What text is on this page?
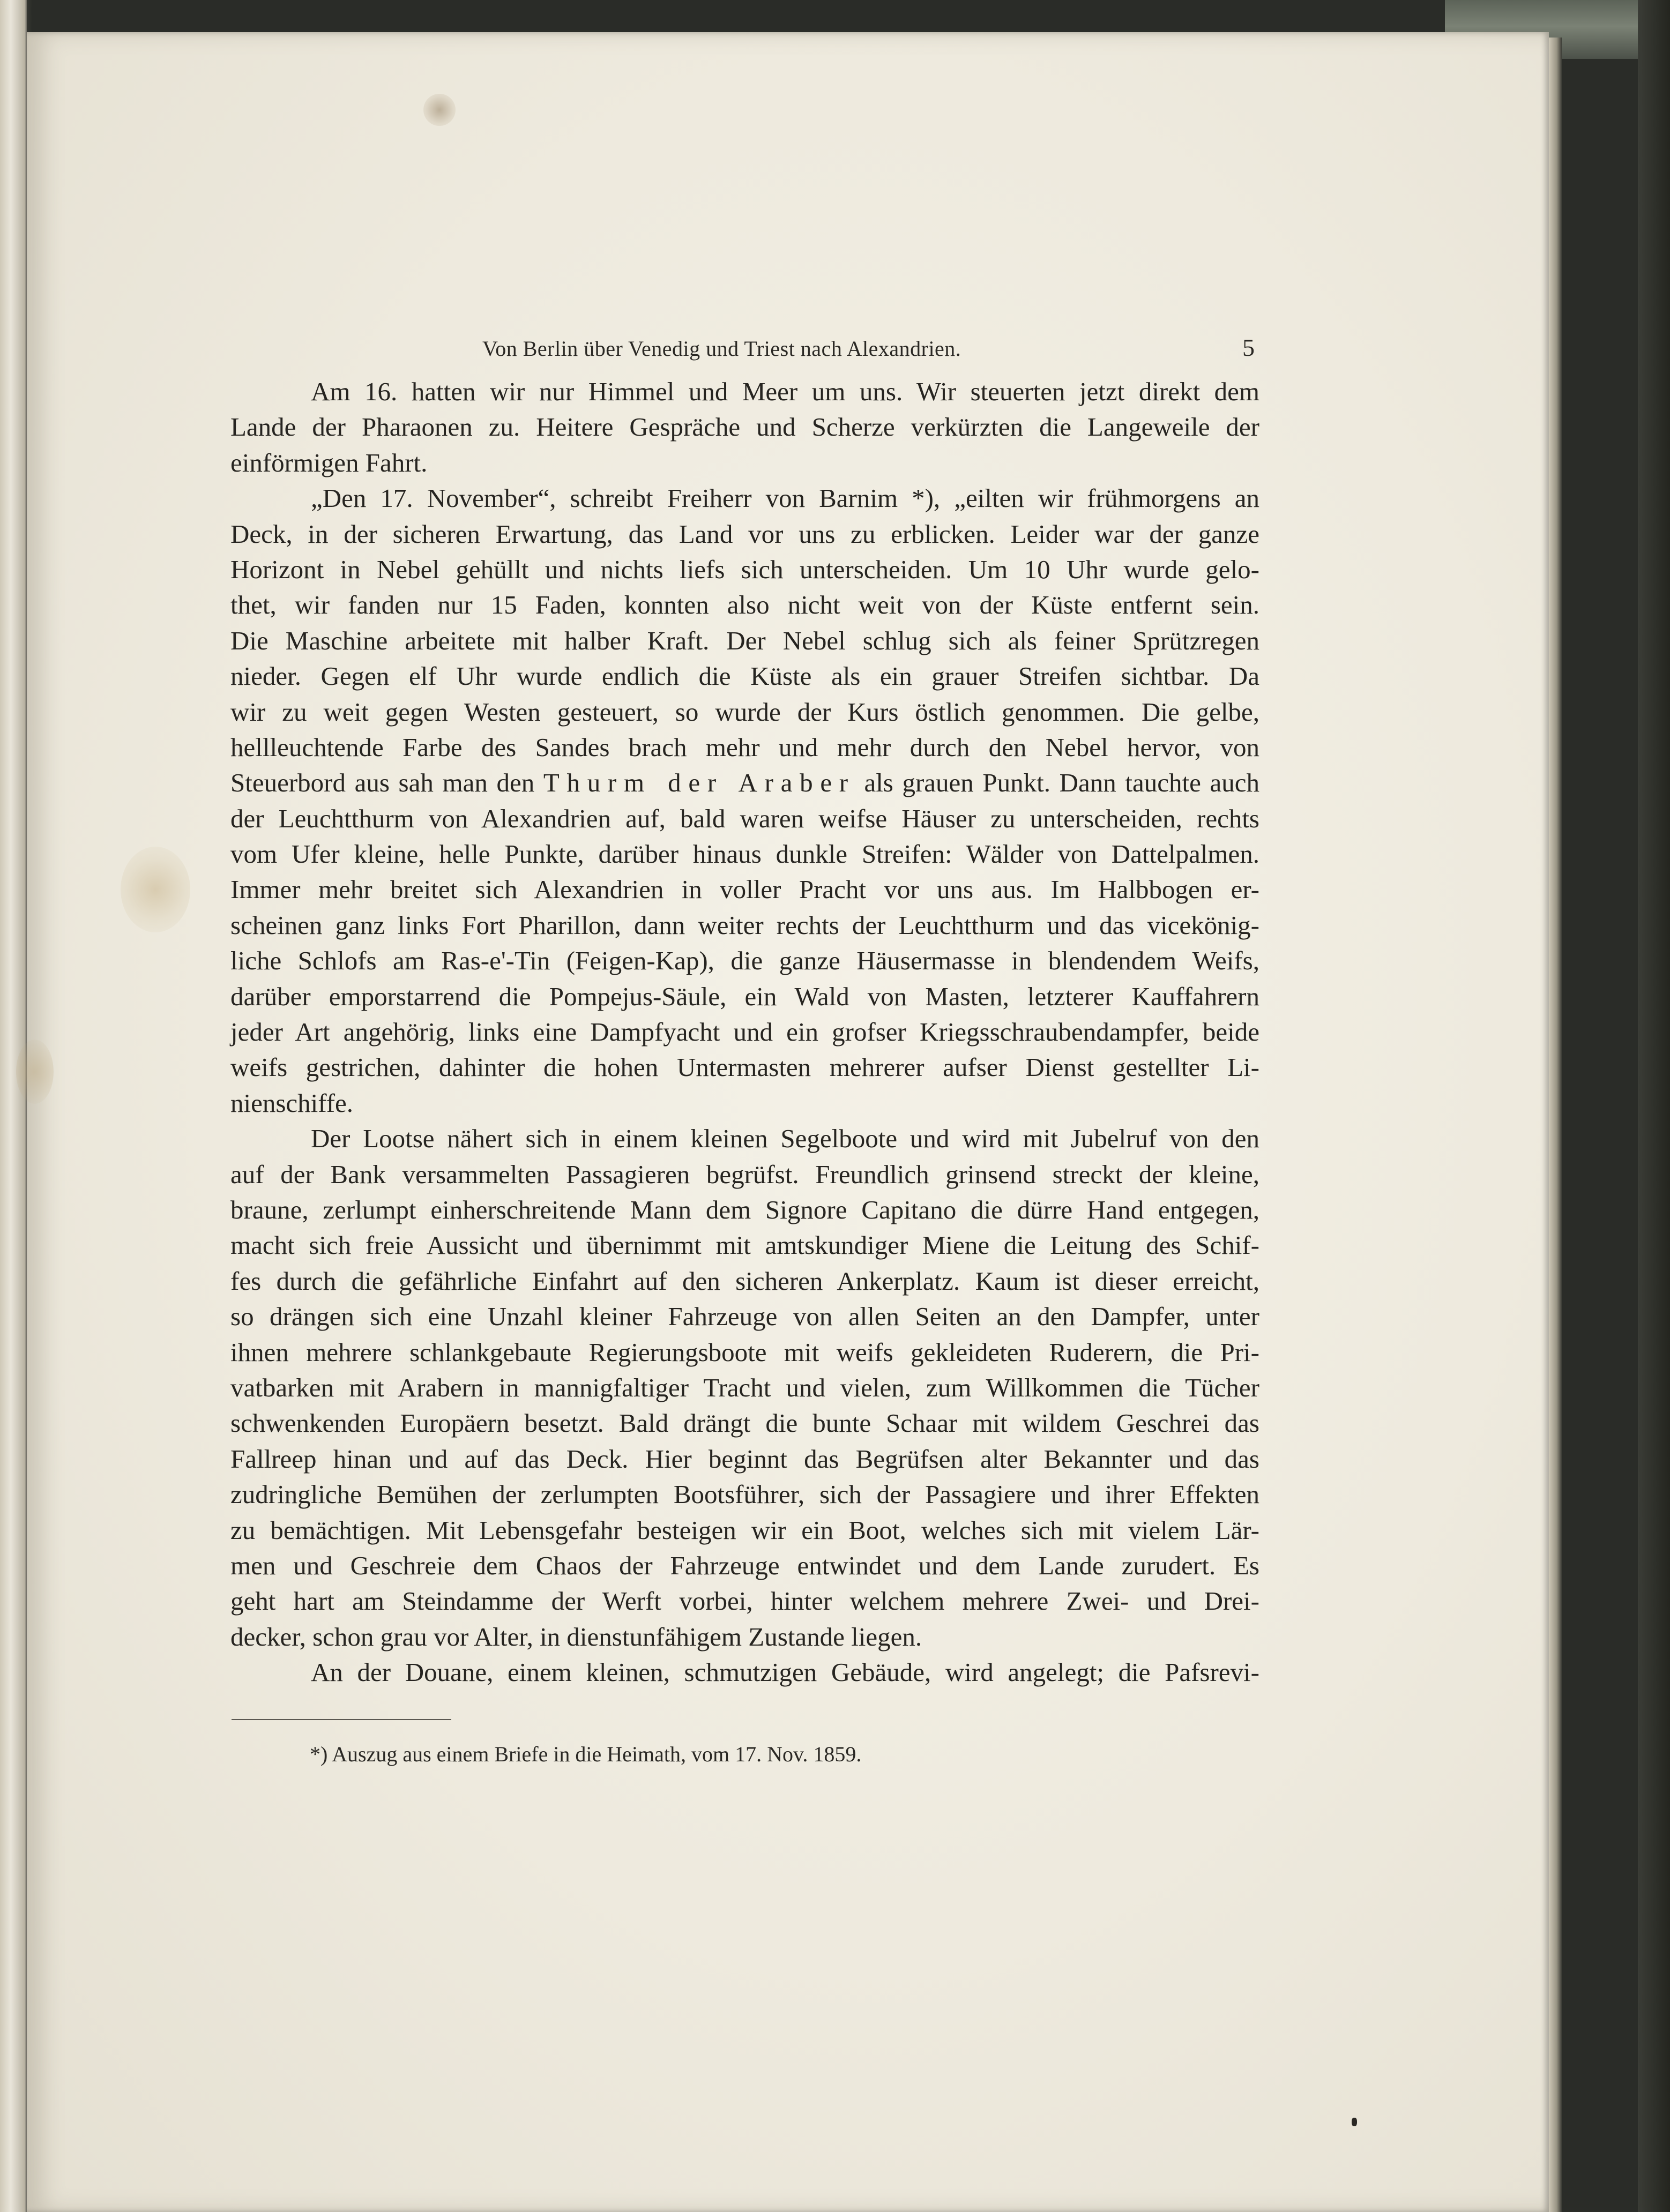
Von Berlin über Venedig und Triest nach Alexandrien.	5
Am 16. hatten wir nur Himmel und Meer um uns. Wir steuerten jetzt direkt dem
Lande der Pharaonen zu. Heitere Gespräche und Scherze verkürzten die Langeweile der
einförmigen Fahrt.
„Den 17. November“, schreibt Freiherr von Barnim *), „eilten wir frühmorgens an
Deck, in der sicheren Erwartung, das Land vor uns zu erblicken. Leider war der ganze
Horizont in Nebel gehüllt und nichts liefs sich unterscheiden. Um 10 Uhr wurde gelo-
thet, wir fanden nur 15 Faden, konnten also nicht weit von der Küste entfernt sein.
Die Maschine arbeitete mit halber Kraft. Der Nebel schlug sich als feiner Sprützregen
nieder. Gegen elf Uhr wurde endlich die Küste als ein grauer Streifen sichtbar. Da
wir zu weit gegen Westen gesteuert, so wurde der Kurs östlich genommen. Die gelbe,
hellleuchtende Farbe des Sandes brach mehr und mehr durch den Nebel hervor, von
Steuerbord aus sah man den Thurm der Araber als grauen Punkt. Dann tauchte auch
der Leuchtthurm von Alexandrien auf, bald waren weifse Häuser zu unterscheiden, rechts
vom Ufer kleine, helle Punkte, darüber hinaus dunkle Streifen: Wälder von Dattelpalmen.
Immer mehr breitet sich Alexandrien in voller Pracht vor uns aus. Im Halbbogen er-
scheinen ganz links Fort Pharillon, dann weiter rechts der Leuchtthurm und das vicekönig-
liche Schlofs am Ras-e'-Tin (Feigen-Kap), die ganze Häusermasse in blendendem Weifs,
darüber emporstarrend die Pompejus-Säule, ein Wald von Masten, letzterer Kauffahrern
jeder Art angehörig, links eine Dampfyacht und ein grofser Kriegsschraubendampfer, beide
weifs gestrichen, dahinter die hohen Untermasten mehrerer aufser Dienst gestellter Li-
nienschiffe.
Der Lootse nähert sich in einem kleinen Segelboote und wird mit Jubelruf von den
auf der Bank versammelten Passagieren begrüfst. Freundlich grinsend streckt der kleine,
braune, zerlumpt einherschreitende Mann dem Signore Capitano die dürre Hand entgegen,
macht sich freie Aussicht und übernimmt mit amtskundiger Miene die Leitung des Schif-
fes durch die gefährliche Einfahrt auf den sicheren Ankerplatz. Kaum ist dieser erreicht,
so drängen sich eine Unzahl kleiner Fahrzeuge von allen Seiten an den Dampfer, unter
ihnen mehrere schlankgebaute Regierungsboote mit weifs gekleideten Ruderern, die Pri-
vatbarken mit Arabern in mannigfaltiger Tracht und vielen, zum Willkommen die Tücher
schwenkenden Europäern besetzt. Bald drängt die bunte Schaar mit wildem Geschrei das
Fallreep hinan und auf das Deck. Hier beginnt das Begrüfsen alter Bekannter und das
zudringliche Bemühen der zerlumpten Bootsführer, sich der Passagiere und ihrer Effekten
zu bemächtigen. Mit Lebensgefahr besteigen wir ein Boot, welches sich mit vielem Lär-
men und Geschreie dem Chaos der Fahrzeuge entwindet und dem Lande zurudert. Es
geht hart am Steindamme der Werft vorbei, hinter welchem mehrere Zwei- und Drei-
decker, schon grau vor Alter, in dienstunfähigem Zustande liegen.
An der Douane, einem kleinen, schmutzigen Gebäude, wird angelegt; die Pafsrevi-
*) Auszug aus einem Briefe in die Heimath, vom 17. Nov. 1859.
